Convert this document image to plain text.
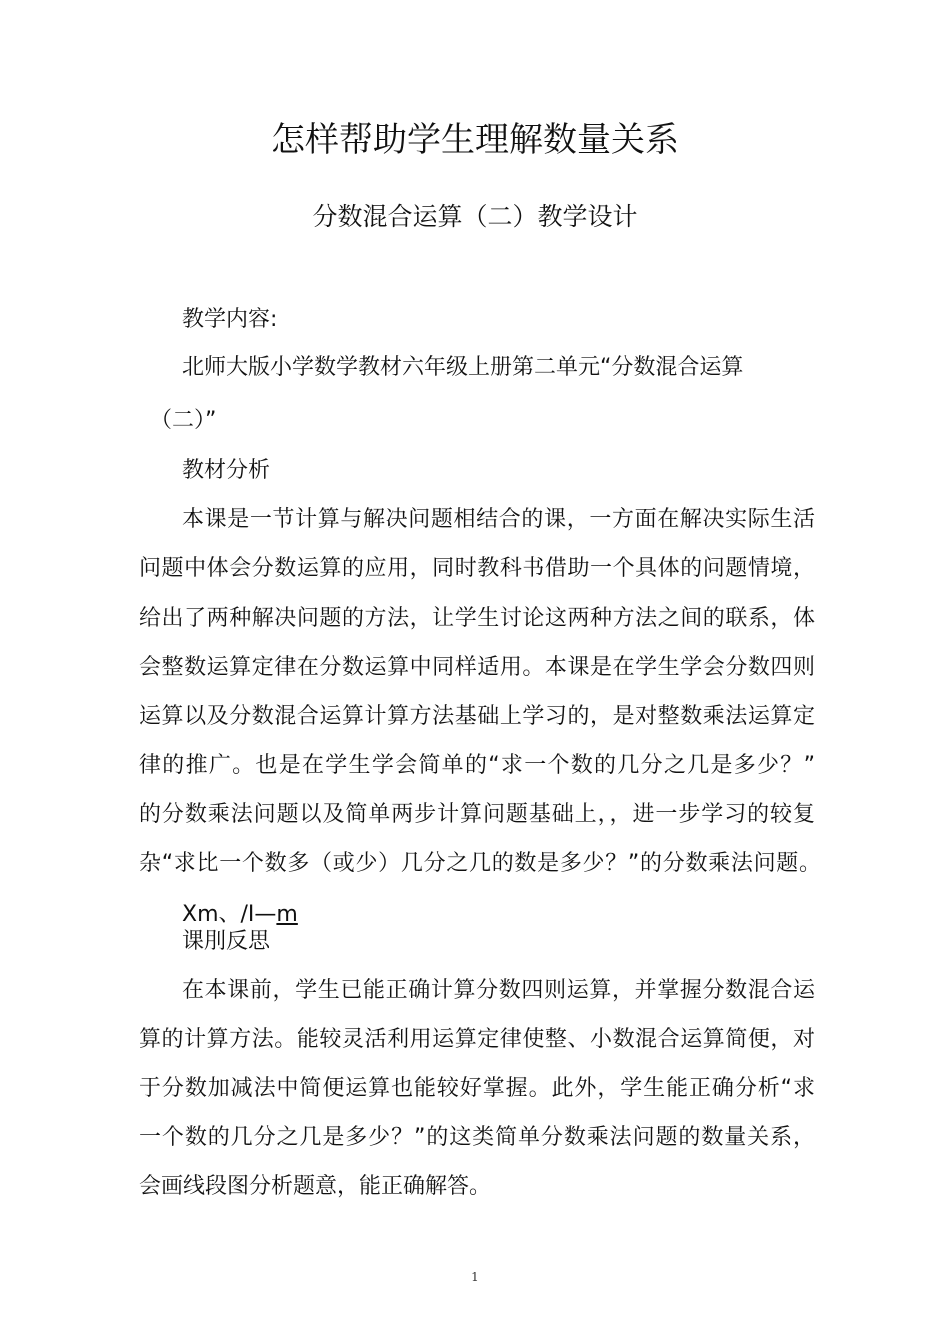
怎样帮助学生理解数量关系
分数混合运算（二）教学设计
教学内容:
北师大版小学数学教材六年级上册第二单元“分数混合运算
（二）”
教材分析
本课是一节计算与解决问题相结合的课，一方面在解决实际生活
问题中体会分数运算的应用，同时教科书借助一个具体的问题情境，
给出了两种解决问题的方法，让学生讨论这两种方法之间的联系，体
会整数运算定律在分数运算中同样适用。本课是在学生学会分数四则
运算以及分数混合运算计算方法基础上学习的，是对整数乘法运算定
律的推广。也是在学生学会简单的“求一个数的几分之几是多少？”
的分数乘法问题以及简单两步计算问题基础上，，进一步学习的较复
杂“求比一个数多（或少）几分之几的数是多少？”的分数乘法问题。
Xm、/I—m
课刖反思
在本课前，学生已能正确计算分数四则运算，并掌握分数混合运
算的计算方法。能较灵活利用运算定律使整、小数混合运算简便，对
于分数加减法中简便运算也能较好掌握。此外，学生能正确分析“求
一个数的几分之几是多少？”的这类简单分数乘法问题的数量关系，
会画线段图分析题意，能正确解答。
1
